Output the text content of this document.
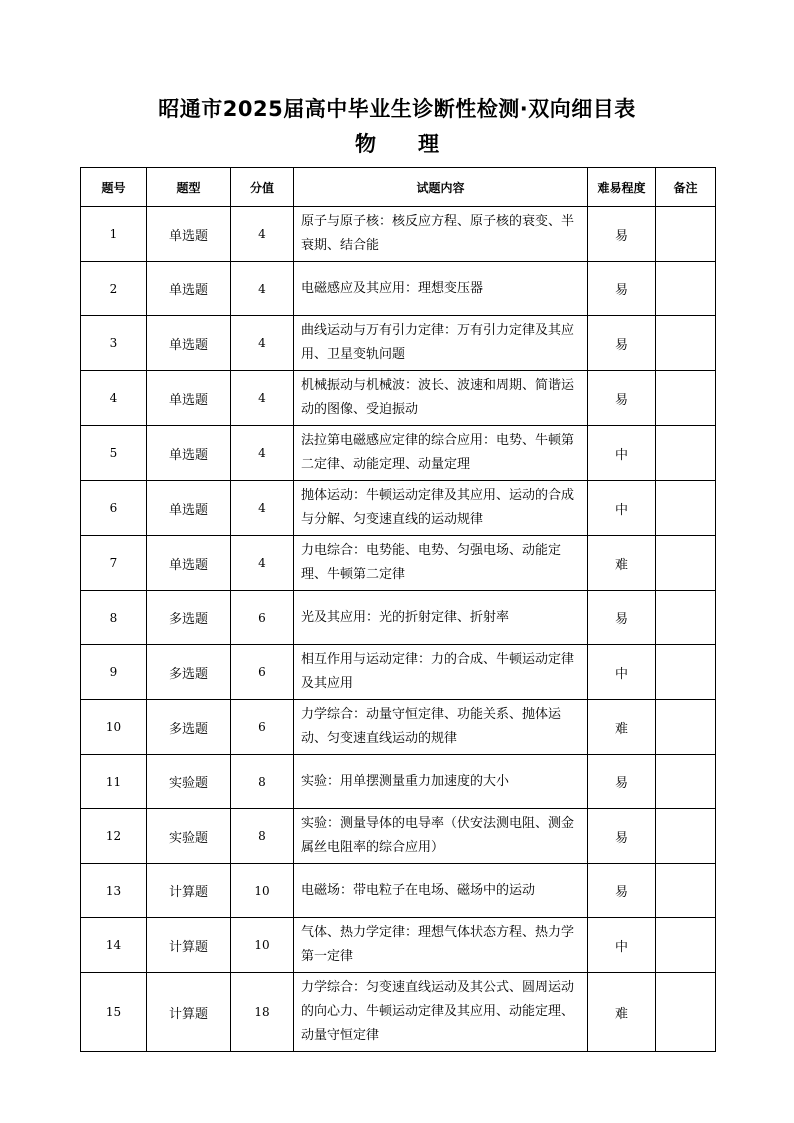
昭通市2025届高中毕业生诊断性检测·双向细目表
物　　理
题号	题型	分值	试题内容	难易程度	备注
1	单选题	4	原子与原子核：核反应方程、原子核的衰变、半衰期、结合能	易	
2	单选题	4	电磁感应及其应用：理想变压器	易	
3	单选题	4	曲线运动与万有引力定律：万有引力定律及其应用、卫星变轨问题	易	
4	单选题	4	机械振动与机械波：波长、波速和周期、简谐运动的图像、受迫振动	易	
5	单选题	4	法拉第电磁感应定律的综合应用：电势、牛顿第二定律、动能定理、动量定理	中	
6	单选题	4	抛体运动：牛顿运动定律及其应用、运动的合成与分解、匀变速直线的运动规律	中	
7	单选题	4	力电综合：电势能、电势、匀强电场、动能定理、牛顿第二定律	难	
8	多选题	6	光及其应用：光的折射定律、折射率	易	
9	多选题	6	相互作用与运动定律：力的合成、牛顿运动定律及其应用	中	
10	多选题	6	力学综合：动量守恒定律、功能关系、抛体运动、匀变速直线运动的规律	难	
11	实验题	8	实验：用单摆测量重力加速度的大小	易	
12	实验题	8	实验：测量导体的电导率（伏安法测电阻、测金属丝电阻率的综合应用）	易	
13	计算题	10	电磁场：带电粒子在电场、磁场中的运动	易	
14	计算题	10	气体、热力学定律：理想气体状态方程、热力学第一定律	中	
15	计算题	18	力学综合：匀变速直线运动及其公式、圆周运动的向心力、牛顿运动定律及其应用、动能定理、动量守恒定律	难	
